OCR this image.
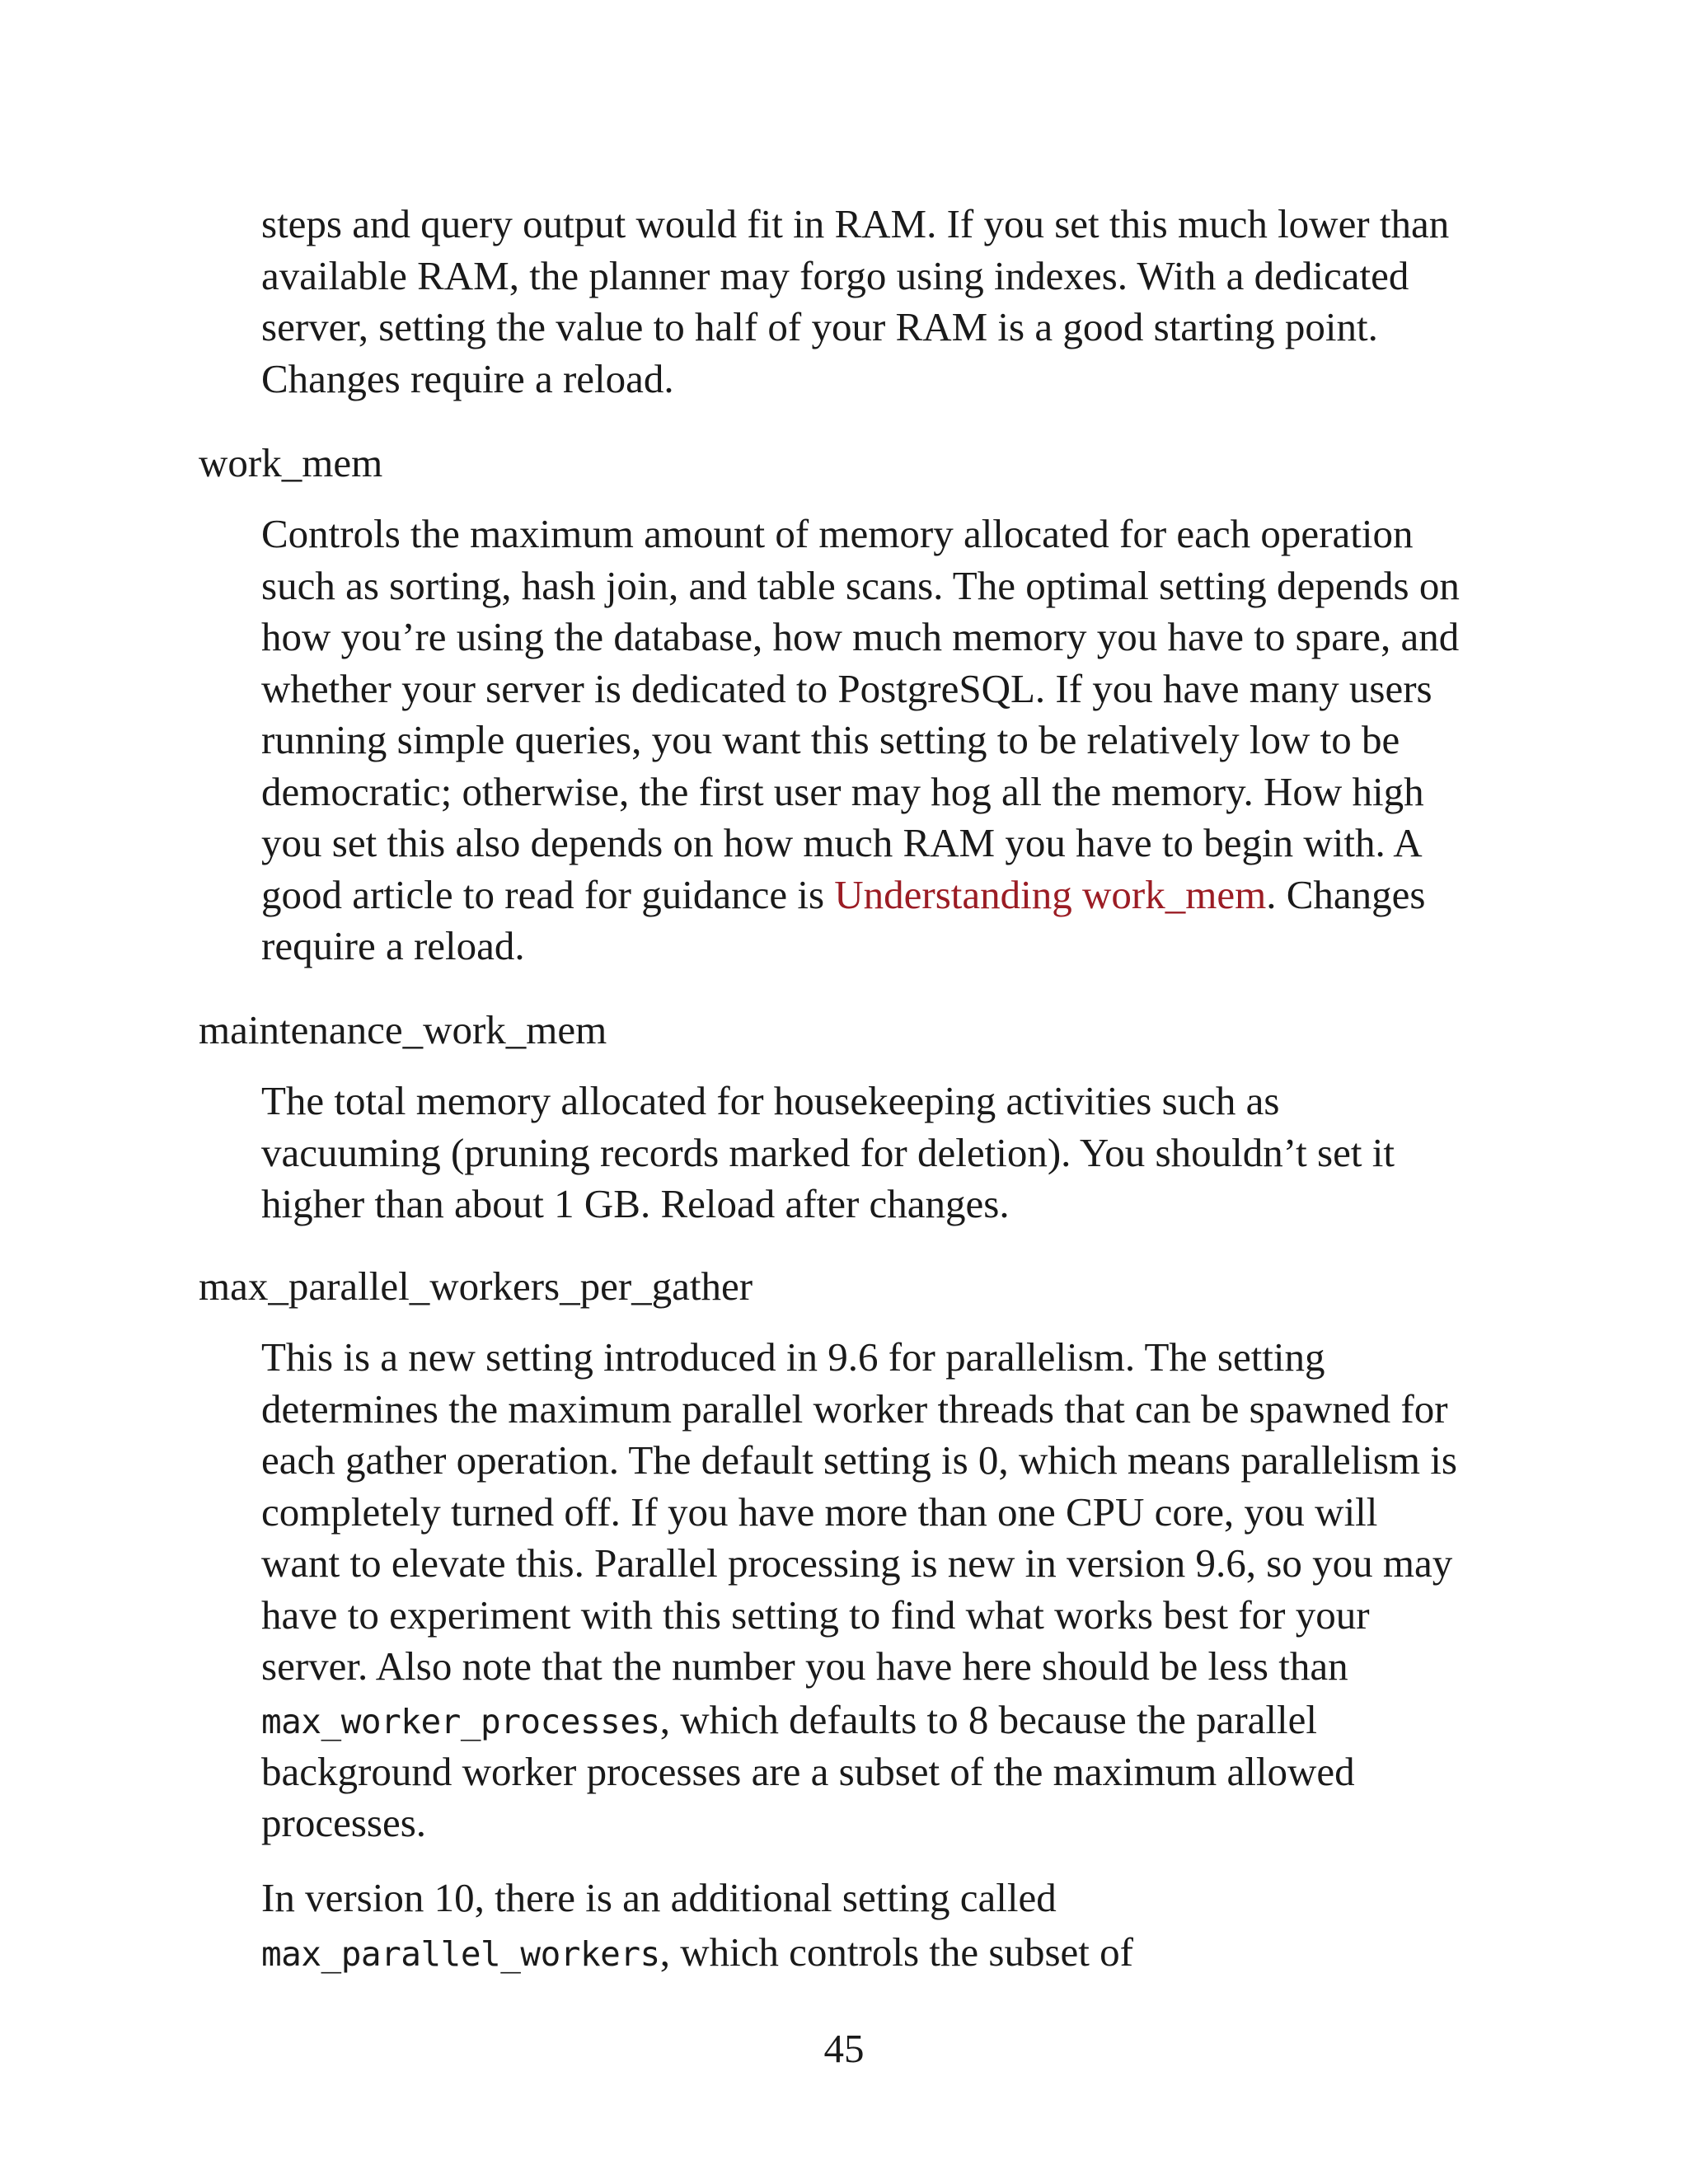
steps and query output would fit in RAM. If you set this much lower than
available RAM, the planner may forgo using indexes. With a dedicated
server, setting the value to half of your RAM is a good starting point.
Changes require a reload.

work_mem

Controls the maximum amount of memory allocated for each operation
such as sorting, hash join, and table scans. The optimal setting depends on
how you’re using the database, how much memory you have to spare, and
whether your server is dedicated to PostgreSQL. If you have many users
running simple queries, you want this setting to be relatively low to be
democratic; otherwise, the first user may hog all the memory. How high
you set this also depends on how much RAM you have to begin with. A
good article to read for guidance is Understanding work_mem. Changes
require a reload.

maintenance_work_mem

The total memory allocated for housekeeping activities such as
vacuuming (pruning records marked for deletion). You shouldn’t set it
higher than about 1 GB. Reload after changes.

max_parallel_workers_per_gather

This is a new setting introduced in 9.6 for parallelism. The setting
determines the maximum parallel worker threads that can be spawned for
each gather operation. The default setting is 0, which means parallelism is
completely turned off. If you have more than one CPU core, you will
want to elevate this. Parallel processing is new in version 9.6, so you may
have to experiment with this setting to find what works best for your
server. Also note that the number you have here should be less than
max_worker_processes, which defaults to 8 because the parallel
background worker processes are a subset of the maximum allowed
processes.

In version 10, there is an additional setting called
max_parallel_workers, which controls the subset of

45
